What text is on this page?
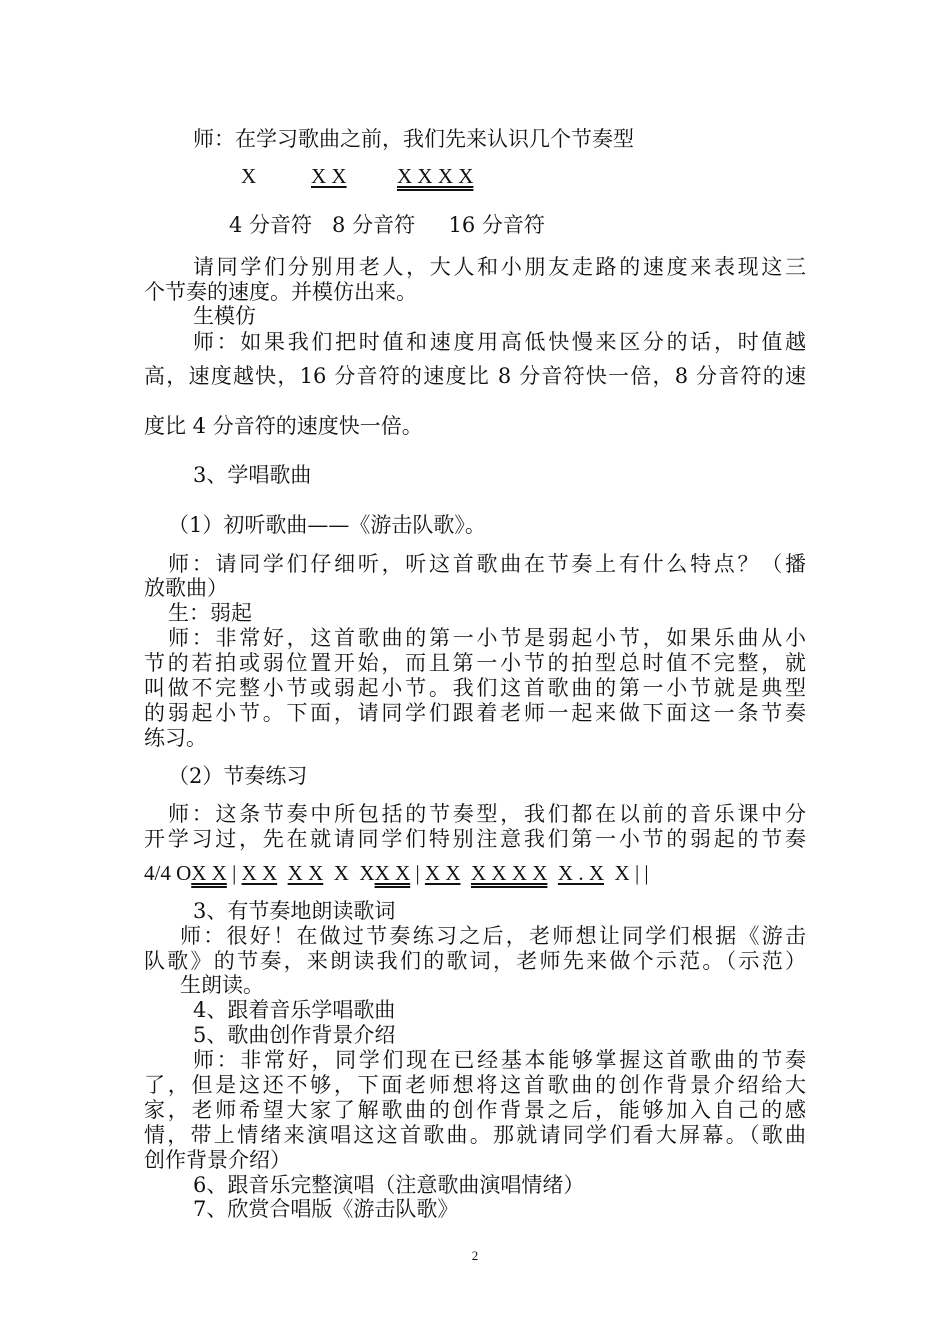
师：在学习歌曲之前，我们先来认识几个节奏型
X	X X X X X X
4 分音符   8 分音符     16 分音符
请同学们分别用老人，大人和小朋友走路的速度来表现这三
个节奏的速度。并模仿出来。
生模仿
师：如果我们把时值和速度用高低快慢来区分的话，时值越
高，速度越快，16 分音符的速度比 8 分音符快一倍，8 分音符的速
度比 4 分音符的速度快一倍。
3、学唱歌曲
（1）初听歌曲——《游击队歌》。
师：请同学们仔细听，听这首歌曲在节奏上有什么特点？（播
放歌曲）
生：弱起
师：非常好，这首歌曲的第一小节是弱起小节，如果乐曲从小
节的若拍或弱位置开始，而且第一小节的拍型总时值不完整，就
叫做不完整小节或弱起小节。我们这首歌曲的第一小节就是典型
的弱起小节。下面，请同学们跟着老师一起来做下面这一条节奏
练习。
（2）节奏练习
师：这条节奏中所包括的节奏型，我们都在以前的音乐课中分
开学习过，先在就请同学们特别注意我们第一小节的弱起的节奏
4/4 OX X | X X X X X XX X | X X X X X X X . X X | |
3、有节奏地朗读歌词
师：很好！在做过节奏练习之后，老师想让同学们根据《游击
队歌》的节奏，来朗读我们的歌词，老师先来做个示范。（示范）
生朗读。
4、跟着音乐学唱歌曲
5、歌曲创作背景介绍
师：非常好，同学们现在已经基本能够掌握这首歌曲的节奏
了，但是这还不够，下面老师想将这首歌曲的创作背景介绍给大
家，老师希望大家了解歌曲的创作背景之后，能够加入自己的感
情，带上情绪来演唱这这首歌曲。那就请同学们看大屏幕。（歌曲
创作背景介绍）
6、跟音乐完整演唱（注意歌曲演唱情绪）
7、欣赏合唱版《游击队歌》
2
